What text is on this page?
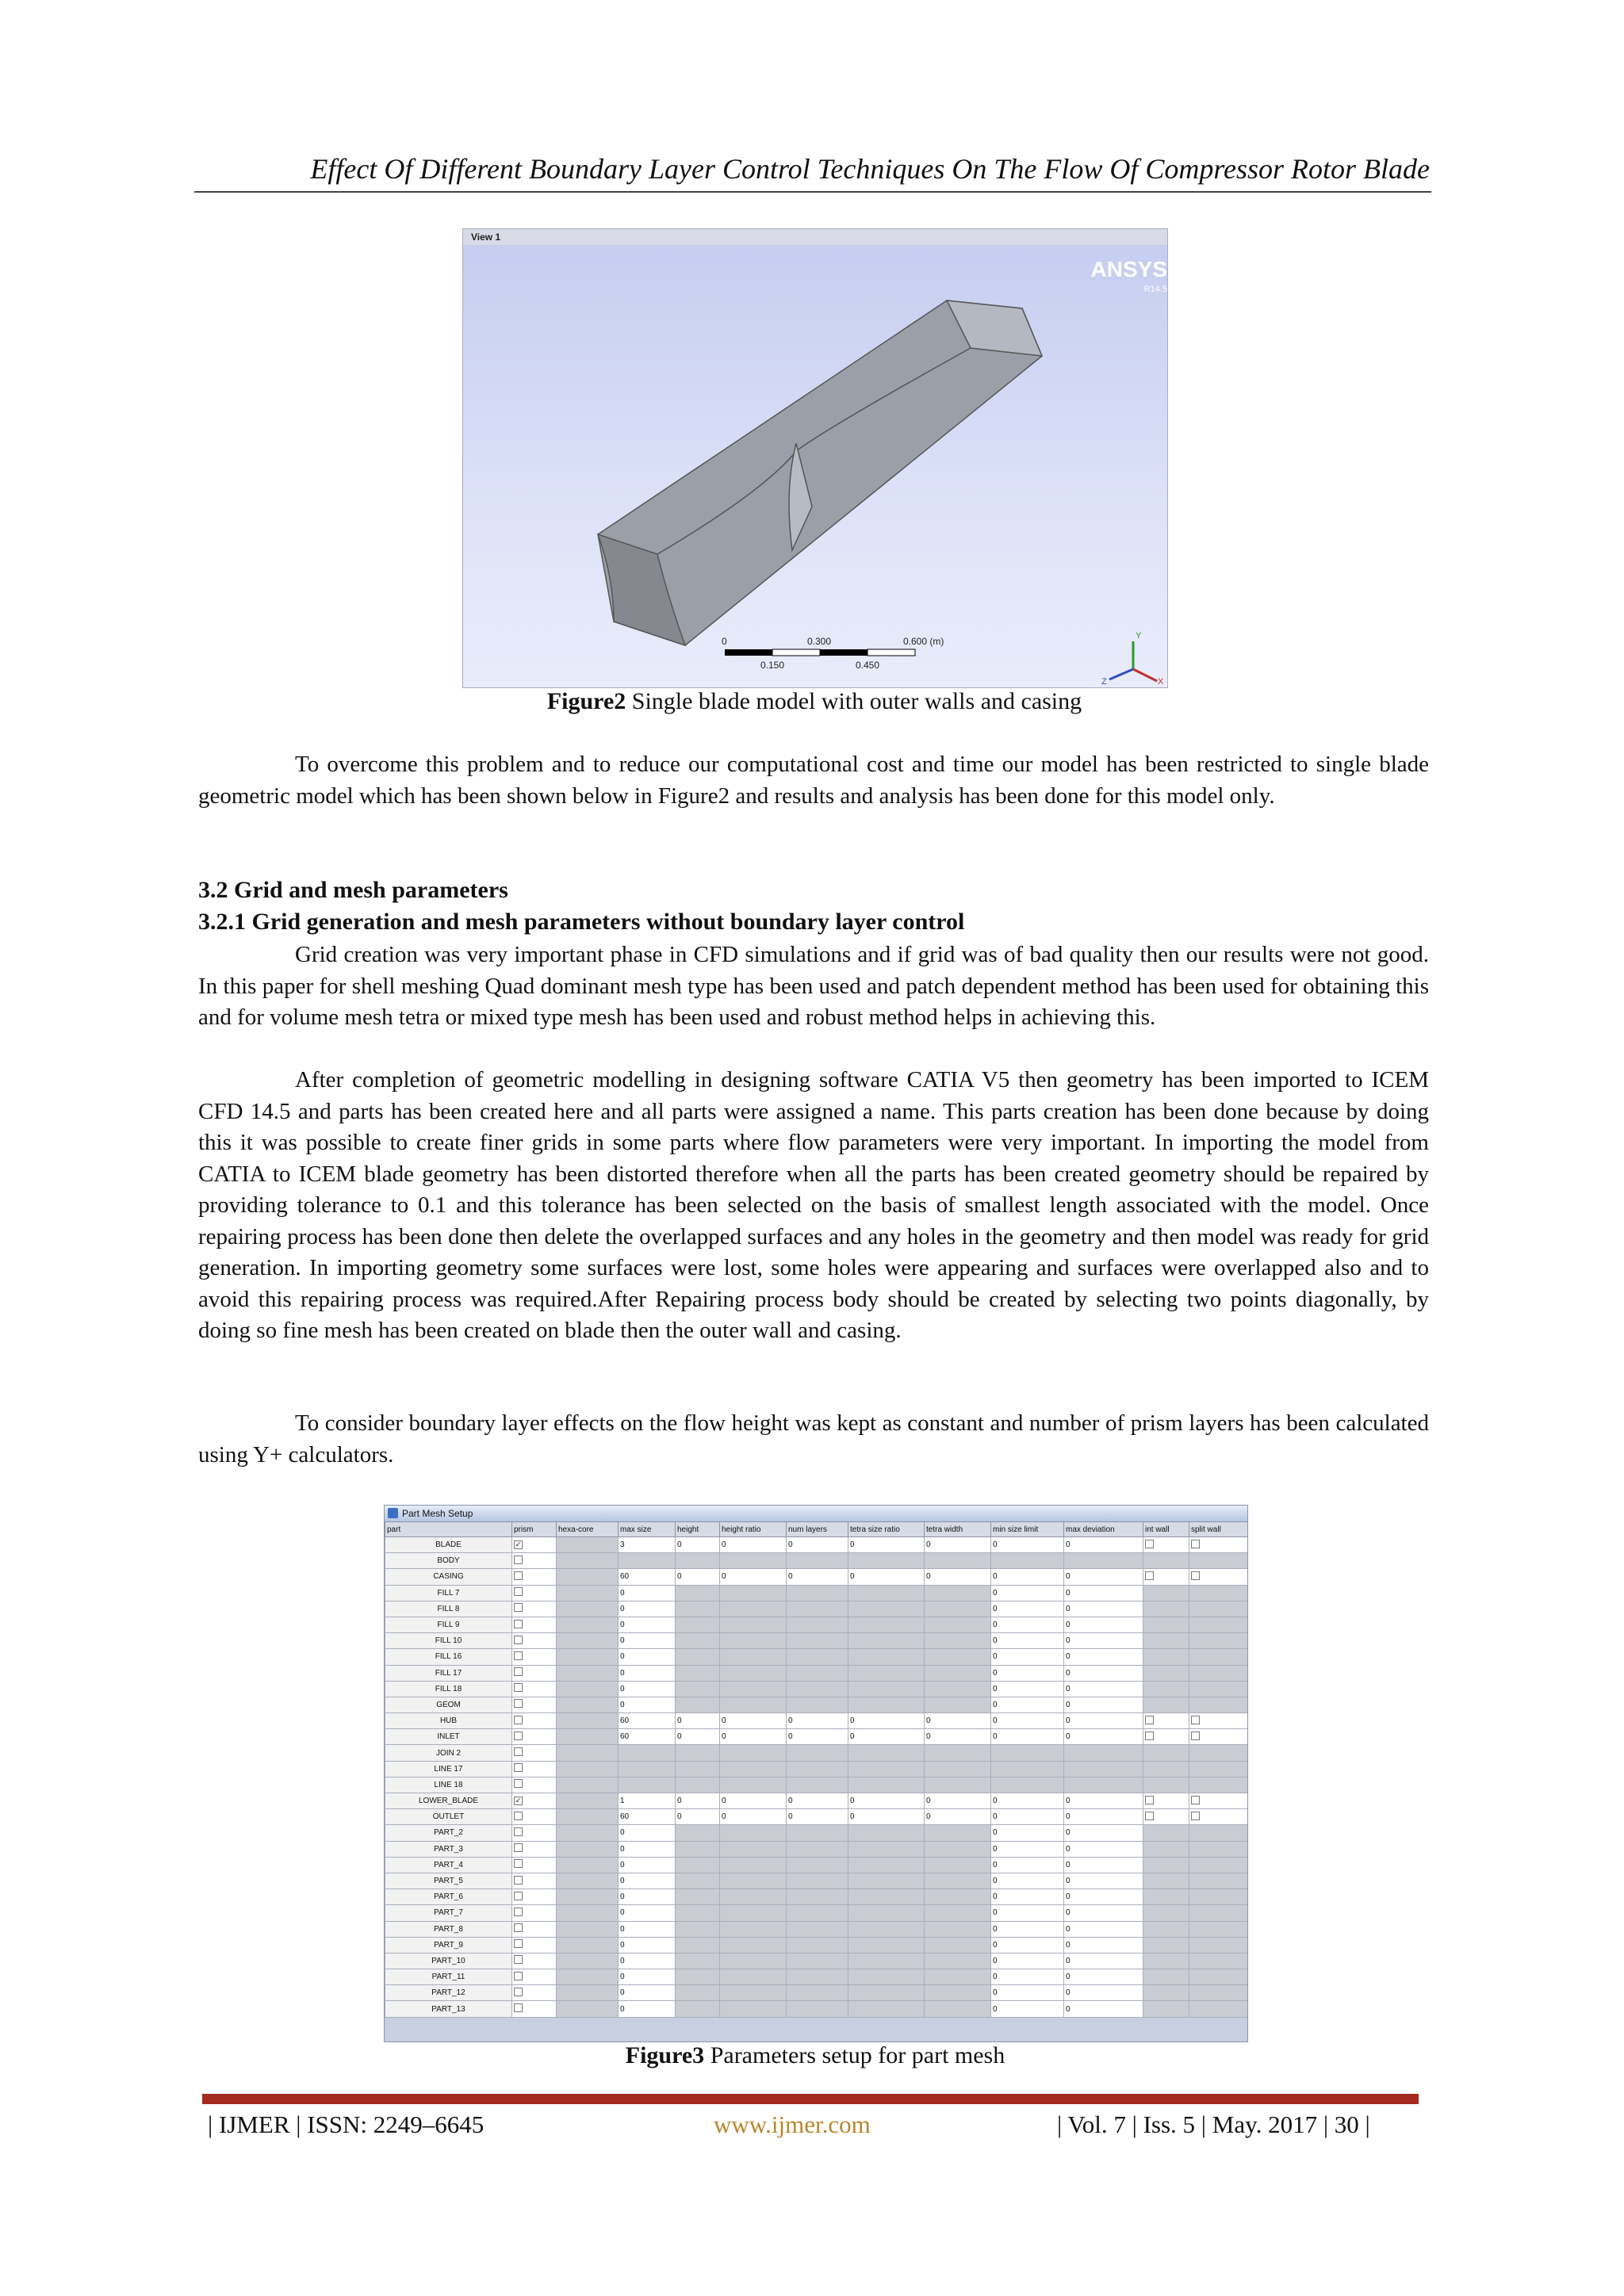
Effect Of Different Boundary Layer Control Techniques On The Flow Of Compressor Rotor Blade
View 1
ANSYS
R14.5
0	0.300	0.600 (m)
0.150	0.450
Y
X
Z
Figure2 Single blade model with outer walls and casing
To overcome this problem and to reduce our computational cost and time our model has been restricted to single blade geometric model which has been shown below in Figure2 and results and analysis has been done for this model only.
3.2 Grid and mesh parameters
3.2.1 Grid generation and mesh parameters without boundary layer control
Grid creation was very important phase in CFD simulations and if grid was of bad quality then our results were not good. In this paper for shell meshing Quad dominant mesh type has been used and patch dependent method has been used for obtaining this and for volume mesh tetra or mixed type mesh has been used and robust method helps in achieving this.
After completion of geometric modelling in designing software CATIA V5 then geometry has been imported to ICEM CFD 14.5 and parts has been created here and all parts were assigned a name. This parts creation has been done because by doing this it was possible to create finer grids in some parts where flow parameters were very important. In importing the model from CATIA to ICEM blade geometry has been distorted therefore when all the parts has been created geometry should be repaired by providing tolerance to 0.1 and this tolerance has been selected on the basis of smallest length associated with the model. Once repairing process has been done then delete the overlapped surfaces and any holes in the geometry and then model was ready for grid generation. In importing geometry some surfaces were lost, some holes were appearing and surfaces were overlapped also and to avoid this repairing process was required.After Repairing process body should be created by selecting two points diagonally, by doing so fine mesh has been created on blade then the outer wall and casing.
To consider boundary layer effects on the flow height was kept as constant and number of prism layers has been calculated using Y+ calculators.
Part Mesh Setup
part	prism	hexa-core	max size	height	height ratio	num layers	tetra size ratio	tetra width	min size limit	max deviation	int wall	split wall
BLADE	✓		3	0	0	0	0	0	0	0		
BODY												
CASING			60	0	0	0	0	0	0	0		
FILL 7			0						0	0		
FILL 8			0						0	0		
FILL 9			0						0	0		
FILL 10			0						0	0		
FILL 16			0						0	0		
FILL 17			0						0	0		
FILL 18			0						0	0		
GEOM			0						0	0		
HUB			60	0	0	0	0	0	0	0		
INLET			60	0	0	0	0	0	0	0		
JOIN 2												
LINE 17												
LINE 18												
LOWER_BLADE	✓		1	0	0	0	0	0	0	0		
OUTLET			60	0	0	0	0	0	0	0		
PART_2			0						0	0		
PART_3			0						0	0		
PART_4			0						0	0		
PART_5			0						0	0		
PART_6			0						0	0		
PART_7			0						0	0		
PART_8			0						0	0		
PART_9			0						0	0		
PART_10			0						0	0		
PART_11			0						0	0		
PART_12			0						0	0		
PART_13			0						0	0		
Figure3 Parameters setup for part mesh
| IJMER | ISSN: 2249–6645	www.ijmer.com	| Vol. 7 | Iss. 5 | May. 2017 | 30 |
